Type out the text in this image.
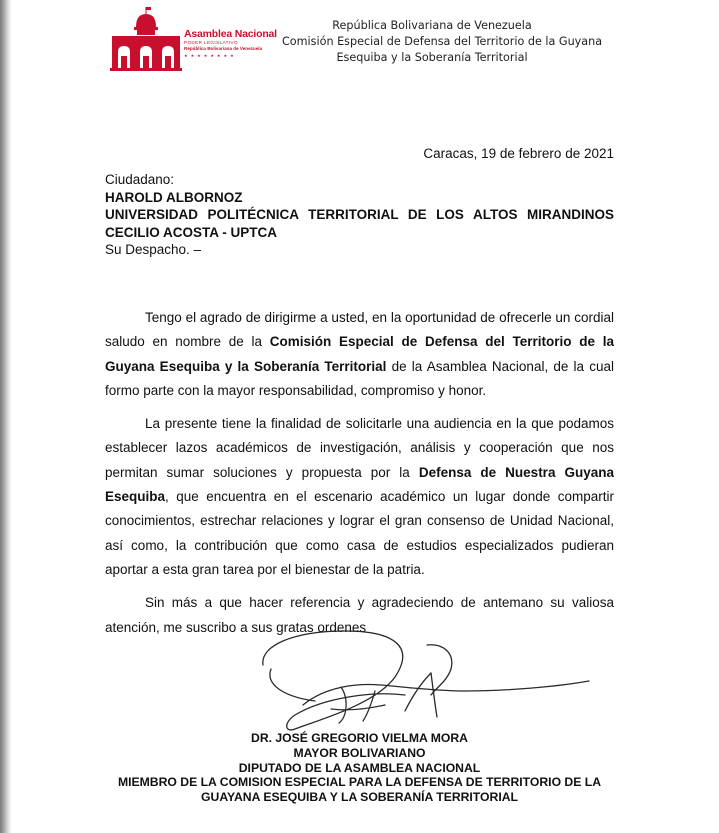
Asamblea Nacional
PODER LEGISLATIVO
República Bolivariana de Venezuela
★★★★★★★★
República Bolivariana de Venezuela
Comisión Especial de Defensa del Territorio de la Guyana
Esequiba y la Soberanía Territorial
Caracas, 19 de febrero de 2021
Ciudadano:
HAROLD ALBORNOZ
UNIVERSIDAD POLITÉCNICA TERRITORIAL DE LOS ALTOS MIRANDINOS
CECILIO ACOSTA - UPTCA
Su Despacho. –

Tengo el agrado de dirigirme a usted, en la oportunidad de ofrecerle un cordial saludo en nombre de la Comisión Especial de Defensa del Territorio de la Guyana Esequiba y la Soberanía Territorial de la Asamblea Nacional, de la cual formo parte con la mayor responsabilidad, compromiso y honor.

La presente tiene la finalidad de solicitarle una audiencia en la que podamos establecer lazos académicos de investigación, análisis y cooperación que nos permitan sumar soluciones y propuesta por la Defensa de Nuestra Guyana Esequiba, que encuentra en el escenario académico un lugar donde compartir conocimientos, estrechar relaciones y lograr el gran consenso de Unidad Nacional, así como, la contribución que como casa de estudios especializados pudieran aportar a esta gran tarea por el bienestar de la patria.

Sin más a que hacer referencia y agradeciendo de antemano su valiosa atención, me suscribo a sus gratas ordenes

DR. JOSÉ GREGORIO VIELMA MORA
MAYOR BOLIVARIANO
DIPUTADO DE LA ASAMBLEA NACIONAL
MIEMBRO DE LA COMISION ESPECIAL PARA LA DEFENSA DE TERRITORIO DE LA
GUAYANA ESEQUIBA Y LA SOBERANÍA TERRITORIAL
